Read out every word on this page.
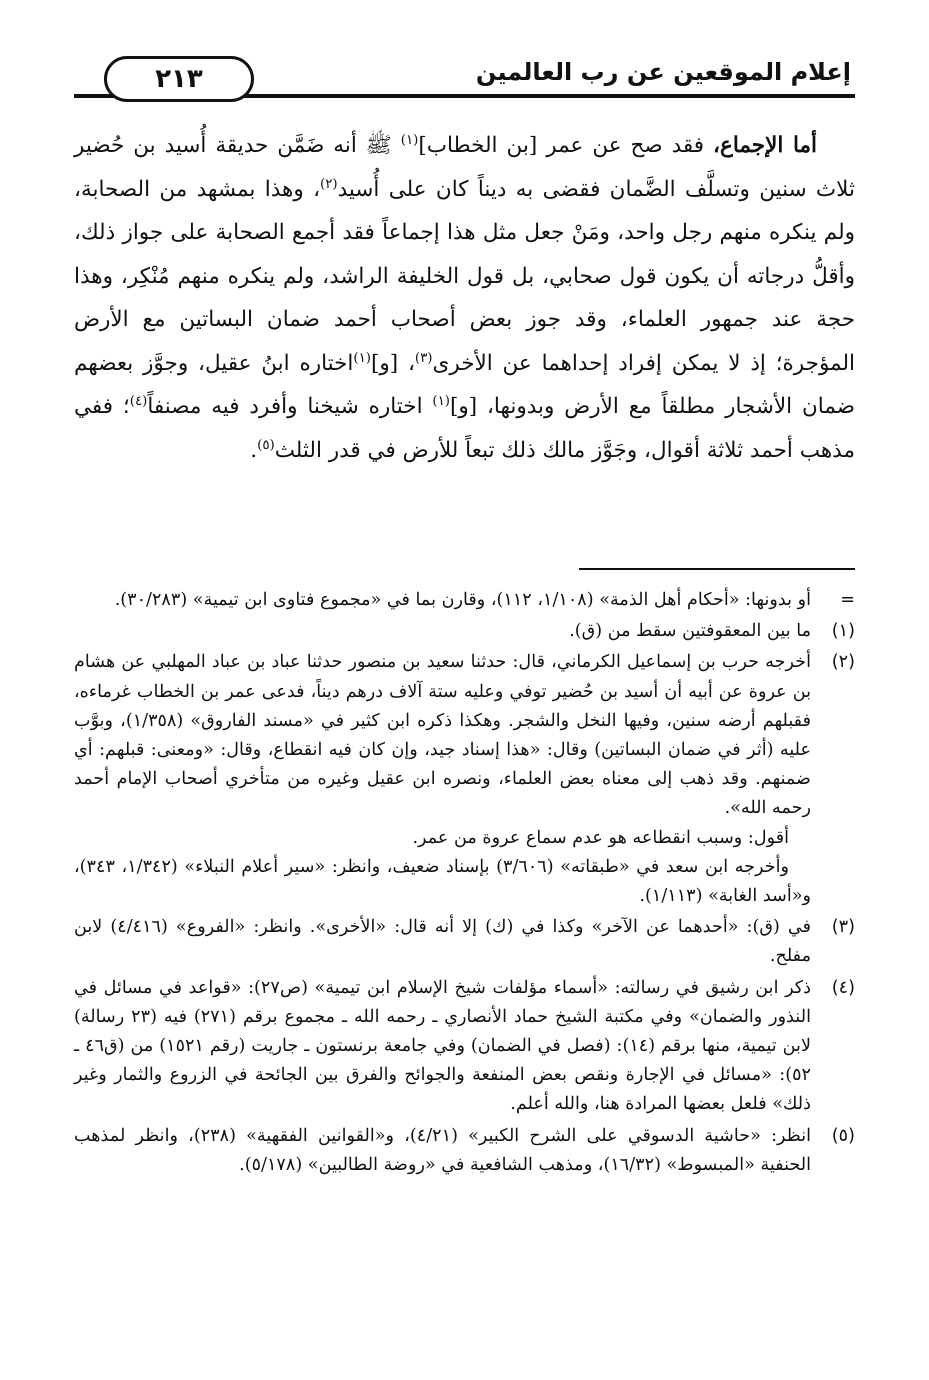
إعلام الموقعين عن رب العالمين
٢١٣

أما الإجماع، فقد صح عن عمر [بن الخطاب]$^{(١)}$ ﷺ أنه ضَمَّن حديقة أُسيد بن حُضير ثلاث سنين وتسلَّف الضَّمان فقضى به ديناً كان على أُسيد$^{(٢)}$، وهذا بمشهد من الصحابة، ولم ينكره منهم رجل واحد، ومَنْ جعل مثل هذا إجماعاً فقد أجمع الصحابة على جواز ذلك، وأقلُّ درجاته أن يكون قول صحابي، بل قول الخليفة الراشد، ولم ينكره منهم مُنْكِر، وهذا حجة عند جمهور العلماء، وقد جوز بعض أصحاب أحمد ضمان البساتين مع الأرض المؤجرة؛ إذ لا يمكن إفراد إحداهما عن الأخرى$^{(٣)}$، [و]$^{(١)}$اختاره ابنُ عقيل، وجوَّز بعضهم ضمان الأشجار مطلقاً مع الأرض وبدونها، [و]$^{(١)}$ اختاره شيخنا وأفرد فيه مصنفاً$^{(٤)}$؛ ففي مذهب أحمد ثلاثة أقوال، وجَوَّز مالك ذلك تبعاً للأرض في قدر الثلث$^{(٥)}$.

=
أو بدونها: «أحكام أهل الذمة» (١/١٠٨، ١١٢)، وقارن بما في «مجموع فتاوى ابن تيمية» (٣٠/٢٨٣).
(١)
ما بين المعقوفتين سقط من (ق).
(٢)
أخرجه حرب بن إسماعيل الكرماني، قال: حدثنا سعيد بن منصور حدثنا عباد بن عباد المهلبي عن هشام بن عروة عن أبيه أن أسيد بن حُضير توفي وعليه ستة آلاف درهم ديناً، فدعى عمر بن الخطاب غرماءه، فقبلهم أرضه سنين، وفيها النخل والشجر. وهكذا ذكره ابن كثير في «مسند الفاروق» (١/٣٥٨)، وبوَّب عليه (أثر في ضمان البساتين) وقال: «هذا إسناد جيد، وإن كان فيه انقطاع، وقال: «ومعنى: قبلهم: أي ضمنهم. وقد ذهب إلى معناه بعض العلماء، ونصره ابن عقيل وغيره من متأخري أصحاب الإمام أحمد رحمه الله».
أقول: وسبب انقطاعه هو عدم سماع عروة من عمر.
وأخرجه ابن سعد في «طبقاته» (٣/٦٠٦) بإسناد ضعيف، وانظر: «سير أعلام النبلاء» (١/٣٤٢، ٣٤٣)، و«أسد الغابة» (١/١١٣).
(٣)
في (ق): «أحدهما عن الآخر» وكذا في (ك) إلا أنه قال: «الأخرى». وانظر: «الفروع» (٤/٤١٦) لابن مفلح.
(٤)
ذكر ابن رشيق في رسالته: «أسماء مؤلفات شيخ الإسلام ابن تيمية» (ص٢٧): «قواعد في مسائل في النذور والضمان» وفي مكتبة الشيخ حماد الأنصاري ـ رحمه الله ـ مجموع برقم (٢٧١) فيه (٢٣ رسالة) لابن تيمية، منها برقم (١٤): (فصل في الضمان) وفي جامعة برنستون ـ جاريت (رقم ١٥٢١) من (ق٤٦ ـ ٥٢): «مسائل في الإجارة ونقص بعض المنفعة والجوائح والفرق بين الجائحة في الزروع والثمار وغير ذلك» فلعل بعضها المرادة هنا، والله أعلم.
(٥)
انظر: «حاشية الدسوقي على الشرح الكبير» (٤/٢١)، و«القوانين الفقهية» (٢٣٨)، وانظر لمذهب الحنفية «المبسوط» (١٦/٣٢)، ومذهب الشافعية في «روضة الطالبين» (٥/١٧٨).
